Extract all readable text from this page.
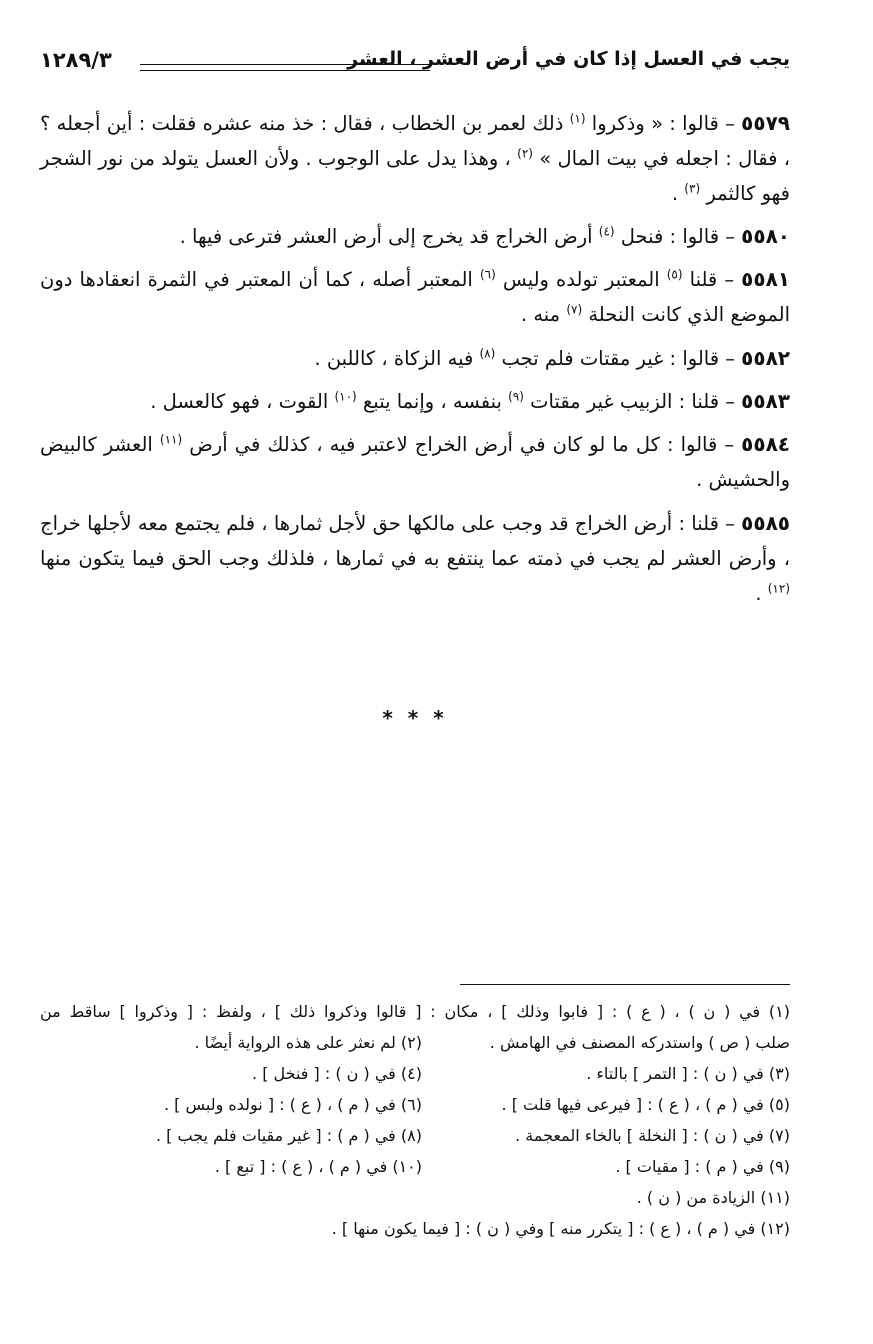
يجب في العسل إذا كان في أرض العشر ، العشر
١٢٨٩/٣

٥٥٧٩ – قالوا : « وذكروا $^{(١)}$ ذلك لعمر بن الخطاب ، فقال : خذ منه عشره فقلت : أين أجعله ؟ ، فقال : اجعله في بيت المال » $^{(٢)}$ ، وهذا يدل على الوجوب . ولأن العسل يتولد من نور الشجر فهو كالثمر $^{(٣)}$ .

٥٥٨٠ – قالوا : فنحل $^{(٤)}$ أرض الخراج قد يخرج إلى أرض العشر فترعى فيها .

٥٥٨١ – قلنا $^{(٥)}$ المعتبر تولده وليس $^{(٦)}$ المعتبر أصله ، كما أن المعتبر في الثمرة انعقادها دون الموضع الذي كانت النحلة $^{(٧)}$ منه .

٥٥٨٢ – قالوا : غير مقتات فلم تجب $^{(٨)}$ فيه الزكاة ، كاللبن .

٥٥٨٣ – قلنا : الزبيب غير مقتات $^{(٩)}$ بنفسه ، وإنما يتبع $^{(١٠)}$ القوت ، فهو كالعسل .

٥٥٨٤ – قالوا : كل ما لو كان في أرض الخراج لاعتبر فيه ، كذلك في أرض $^{(١١)}$ العشر كالبيض والحشيش .

٥٥٨٥ – قلنا : أرض الخراج قد وجب على مالكها حق لأجل ثمارها ، فلم يجتمع معه لأجلها خراج ، وأرض العشر لم يجب في ذمته عما ينتفع به في ثمارها ، فلذلك وجب الحق فيما يتكون منها $^{(١٢)}$ .

* * *
(١) في ( ن ) ، ( ع ) : [ فابوا وذلك ] ، مكان : [ قالوا وذكروا ذلك ] ، ولفظ : [ وذكروا ] ساقط من
صلب ( ص ) واستدركه المصنف في الهامش .(٢) لم نعثر على هذه الرواية أيضًا .
(٣) في ( ن ) : [ التمر ] بالتاء .(٤) في ( ن ) : [ فنخل ] .
(٥) في ( م ) ، ( ع ) : [ فيرعى فيها قلت ] .(٦) في ( م ) ، ( ع ) : [ نولده ولبس ] .
(٧) في ( ن ) : [ النخلة ] بالخاء المعجمة .(٨) في ( م ) : [ غير مقيات فلم يجب ] .
(٩) في ( م ) : [ مقيات ] .(١٠) في ( م ) ، ( ع ) : [ تبع ] .
(١١) الزيادة من ( ن ) .
(١٢) في ( م ) ، ( ع ) : [ يتكرر منه ] وفي ( ن ) : [ فيما يكون منها ] .
